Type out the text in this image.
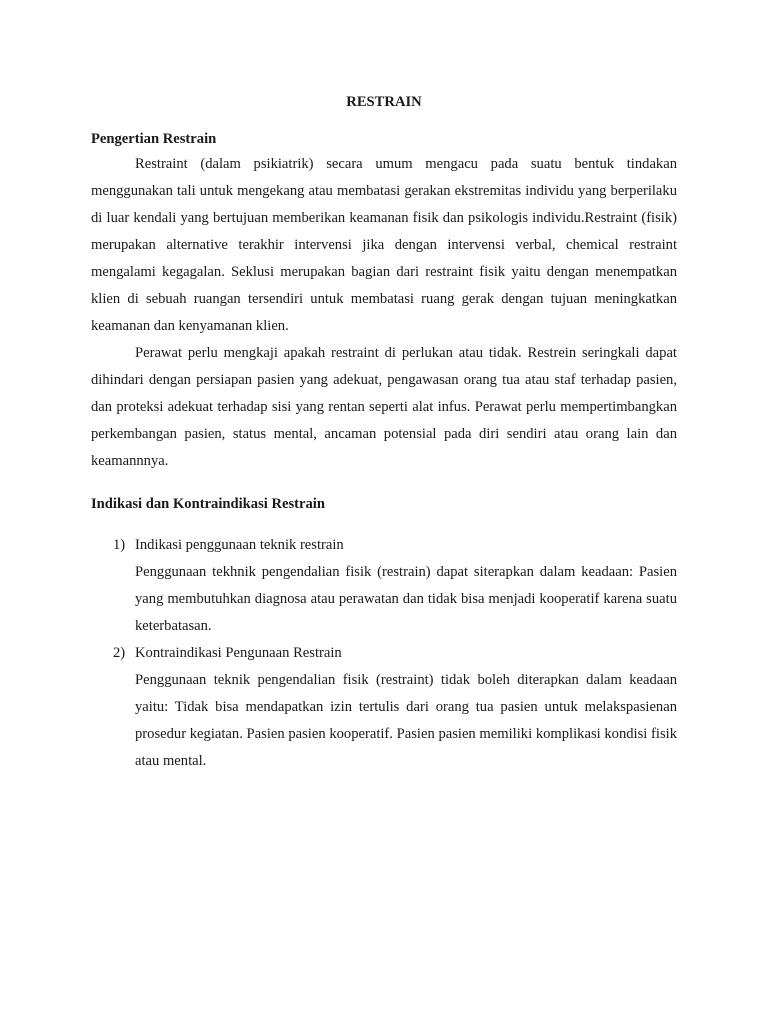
RESTRAIN
Pengertian Restrain

Restraint (dalam psikiatrik) secara umum mengacu pada suatu bentuk tindakan menggunakan tali untuk mengekang atau membatasi gerakan ekstremitas individu yang berperilaku di luar kendali yang bertujuan memberikan keamanan fisik dan psikologis individu.Restraint (fisik) merupakan alternative terakhir intervensi jika dengan intervensi verbal, chemical restraint mengalami kegagalan. Seklusi merupakan bagian dari restraint fisik yaitu dengan menempatkan klien di sebuah ruangan tersendiri untuk membatasi ruang gerak dengan tujuan meningkatkan keamanan dan kenyamanan klien.

Perawat perlu mengkaji apakah restraint di perlukan atau tidak. Restrein seringkali dapat dihindari dengan persiapan pasien yang adekuat, pengawasan orang tua atau staf terhadap pasien, dan proteksi adekuat terhadap sisi yang rentan seperti alat infus. Perawat perlu mempertimbangkan perkembangan pasien, status mental, ancaman potensial pada diri sendiri atau orang lain dan keamannnya.

Indikasi dan Kontraindikasi Restrain
1) Indikasi penggunaan teknik restrain

Penggunaan tekhnik pengendalian fisik (restrain) dapat siterapkan dalam keadaan: Pasien yang membutuhkan diagnosa atau perawatan dan tidak bisa menjadi kooperatif karena suatu keterbatasan.

2) Kontraindikasi Pengunaan Restrain

Penggunaan teknik pengendalian fisik (restraint) tidak boleh diterapkan dalam keadaan yaitu: Tidak bisa mendapatkan izin tertulis dari orang tua pasien untuk melakspasienan prosedur kegiatan. Pasien pasien kooperatif. Pasien pasien memiliki komplikasi kondisi fisik atau mental.
